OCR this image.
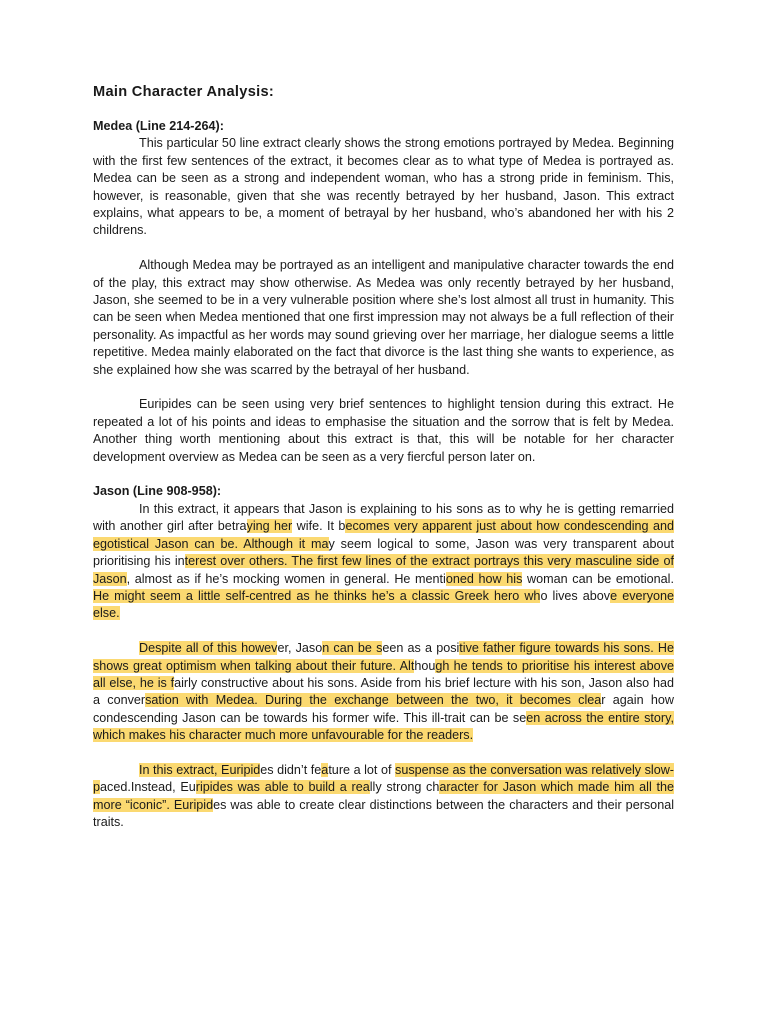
Main Character Analysis:
Medea (Line 214-264):

This particular 50 line extract clearly shows the strong emotions portrayed by Medea. Beginning with the first few sentences of the extract, it becomes clear as to what type of Medea is portrayed as. Medea can be seen as a strong and independent woman, who has a strong pride in feminism. This, however, is reasonable, given that she was recently betrayed by her husband, Jason. This extract explains, what appears to be, a moment of betrayal by her husband, who’s abandoned her with his 2 childrens.

Although Medea may be portrayed as an intelligent and manipulative character towards the end of the play, this extract may show otherwise. As Medea was only recently betrayed by her husband, Jason, she seemed to be in a very vulnerable position where she’s lost almost all trust in humanity. This can be seen when Medea mentioned that one first impression may not always be a full reflection of their personality. As impactful as her words may sound grieving over her marriage, her dialogue seems a little repetitive. Medea mainly elaborated on the fact that divorce is the last thing she wants to experience, as she explained how she was scarred by the betrayal of her husband.

Euripides can be seen using very brief sentences to highlight tension during this extract. He repeated a lot of his points and ideas to emphasise the situation and the sorrow that is felt by Medea. Another thing worth mentioning about this extract is that, this will be notable for her character development overview as Medea can be seen as a very fiercful person later on.

Jason (Line 908-958):

In this extract, it appears that Jason is explaining to his sons as to why he is getting remarried with another girl after betraying her wife. It becomes very apparent just about how condescending and egotistical Jason can be. Although it may seem logical to some, Jason was very transparent about prioritising his interest over others. The first few lines of the extract portrays this very masculine side of Jason, almost as if he’s mocking women in general. He mentioned how his woman can be emotional. He might seem a little self-centred as he thinks he’s a classic Greek hero who lives above everyone else.

Despite all of this however, Jason can be seen as a positive father figure towards his sons. He shows great optimism when talking about their future. Although he tends to prioritise his interest above all else, he is fairly constructive about his sons. Aside from his brief lecture with his son, Jason also had a conversation with Medea. During the exchange between the two, it becomes clear again how condescending Jason can be towards his former wife. This ill-trait can be seen across the entire story, which makes his character much more unfavourable for the readers.

In this extract, Euripides didn’t feature a lot of suspense as the conversation was relatively slow-paced.Instead, Euripides was able to build a really strong character for Jason which made him all the more “iconic”. Euripides was able to create clear distinctions between the characters and their personal traits.
